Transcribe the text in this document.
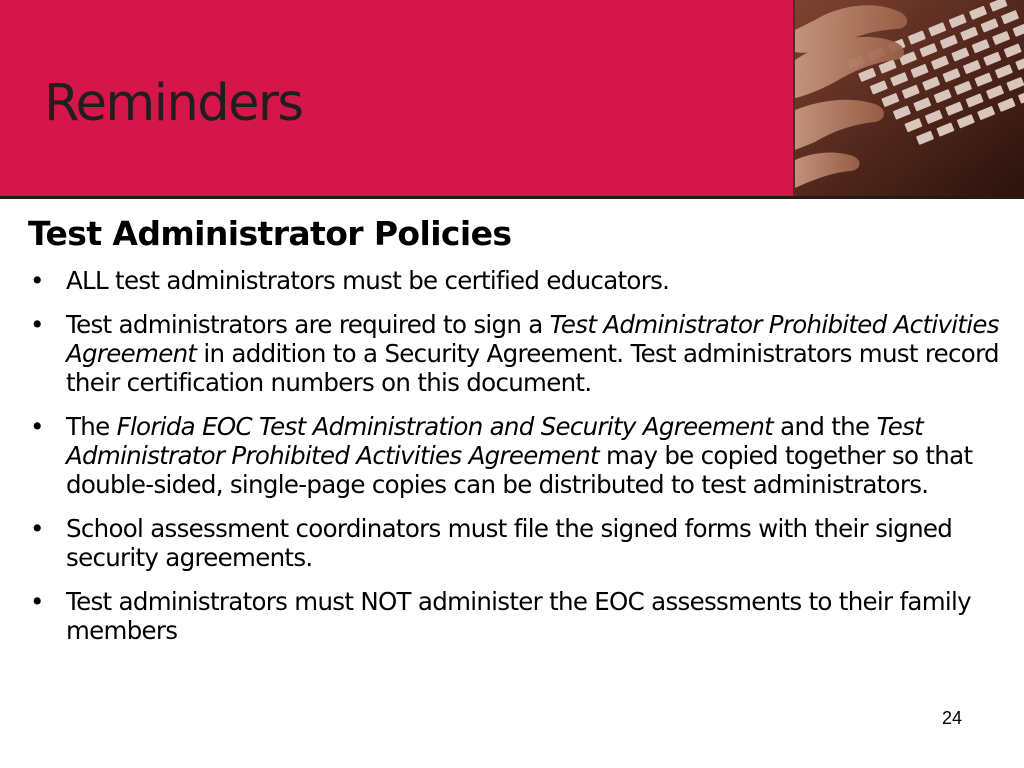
Reminders
Test Administrator Policies
• ALL test administrators must be certified educators.
• Test administrators are required to sign a Test Administrator Prohibited Activities Agreement in addition to a Security Agreement. Test administrators must record their certification numbers on this document.
• The Florida EOC Test Administration and Security Agreement and the Test Administrator Prohibited Activities Agreement may be copied together so that double-sided, single-page copies can be distributed to test administrators.
• School assessment coordinators must file the signed forms with their signed security agreements.
• Test administrators must NOT administer the EOC assessments to their family members
24
